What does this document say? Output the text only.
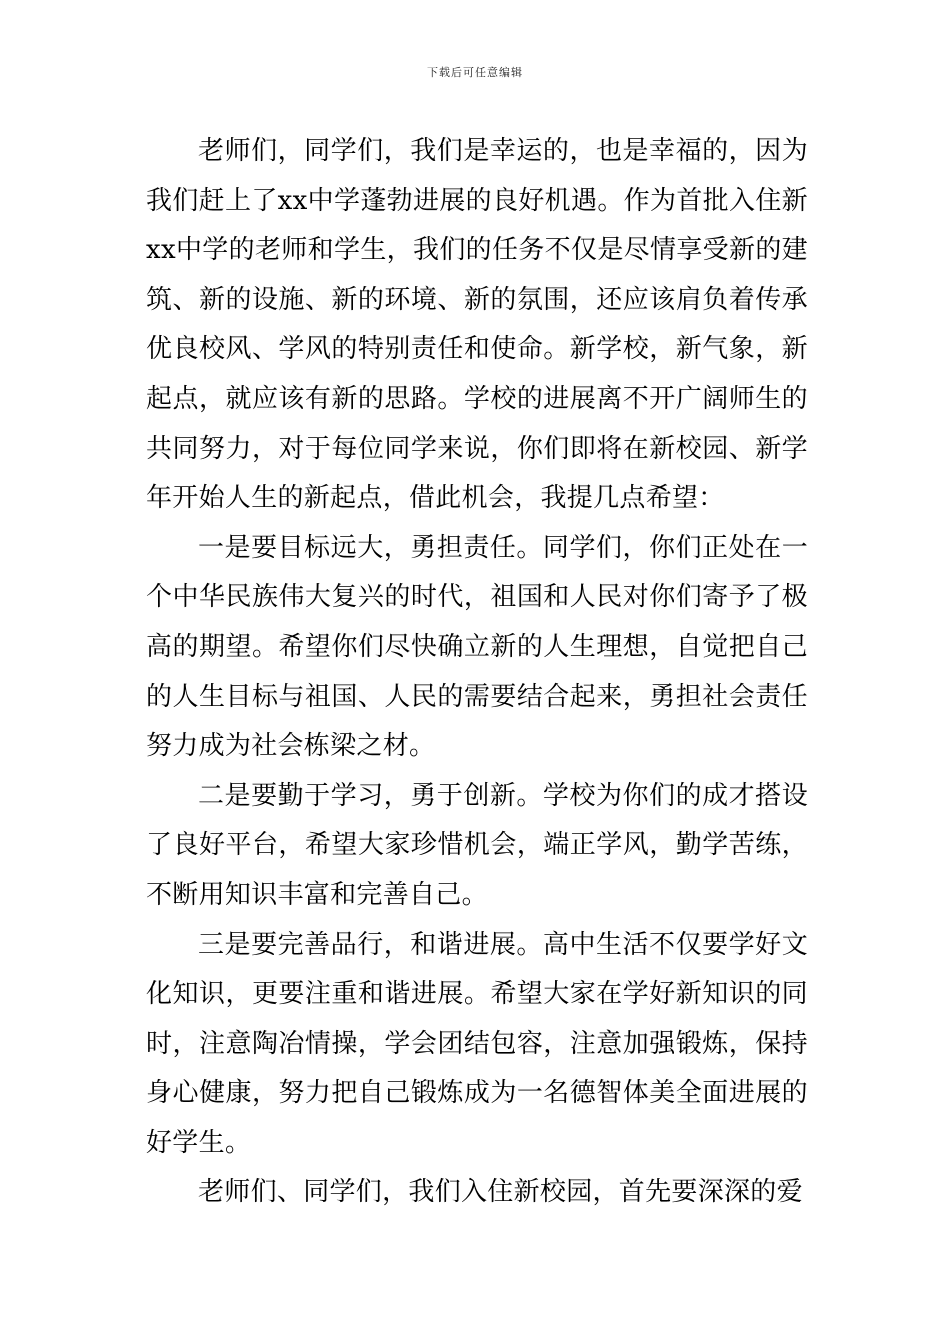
下载后可任意编辑

老师们，同学们，我们是幸运的，也是幸福的，因为我们赶上了xx中学蓬勃进展的良好机遇。作为首批入住新xx中学的老师和学生，我们的任务不仅是尽情享受新的建筑、新的设施、新的环境、新的氛围，还应该肩负着传承优良校风、学风的特别责任和使命。新学校，新气象，新起点，就应该有新的思路。学校的进展离不开广阔师生的共同努力，对于每位同学来说，你们即将在新校园、新学年开始人生的新起点，借此机会，我提几点希望：

一是要目标远大，勇担责任。同学们，你们正处在一个中华民族伟大复兴的时代，祖国和人民对你们寄予了极高的期望。希望你们尽快确立新的人生理想，自觉把自己的人生目标与祖国、人民的需要结合起来，勇担社会责任努力成为社会栋梁之材。

二是要勤于学习，勇于创新。学校为你们的成才搭设了良好平台，希望大家珍惜机会，端正学风，勤学苦练，不断用知识丰富和完善自己。

三是要完善品行，和谐进展。高中生活不仅要学好文化知识，更要注重和谐进展。希望大家在学好新知识的同时，注意陶冶情操，学会团结包容，注意加强锻炼，保持身心健康，努力把自己锻炼成为一名德智体美全面进展的好学生。

老师们、同学们，我们入住新校园，首先要深深的爱
